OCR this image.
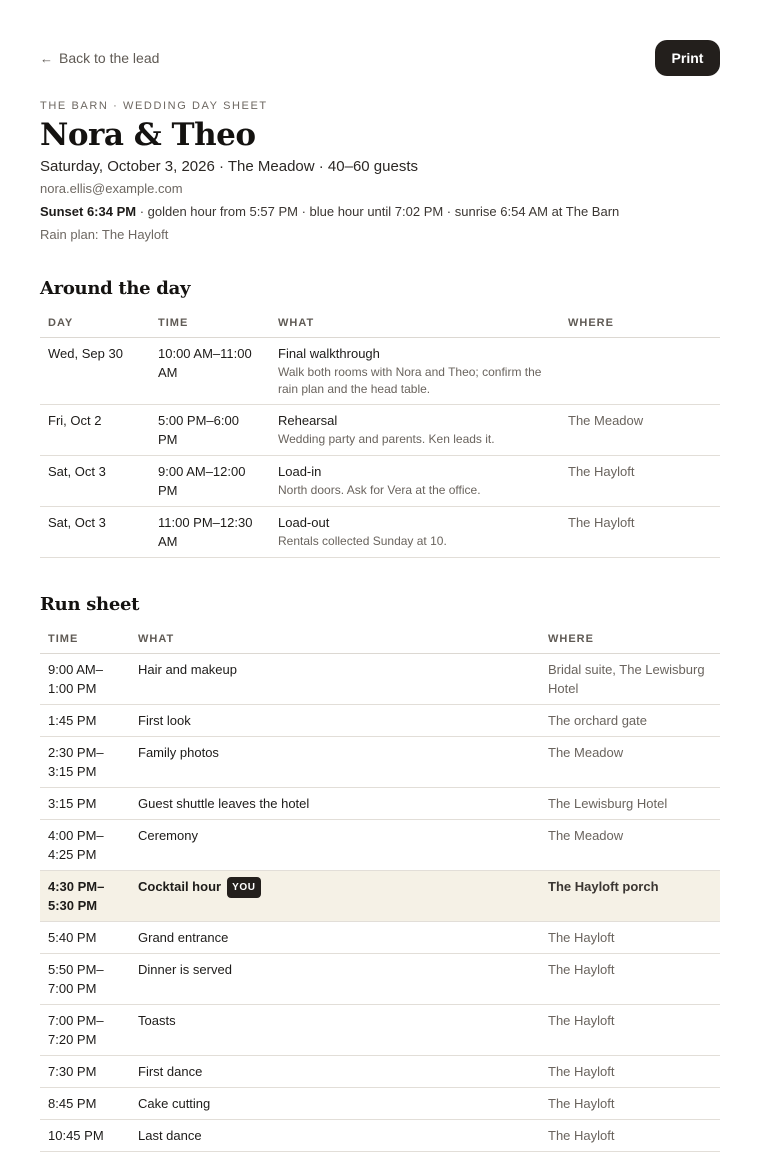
← Back to the lead	Print
THE BARN · WEDDING DAY SHEET
Nora & Theo
Saturday, October 3, 2026 · The Meadow · 40–60 guests
nora.ellis@example.com
Sunset 6:34 PM · golden hour from 5:57 PM · blue hour until 7:02 PM · sunrise 6:54 AM at The Barn
Rain plan: The Hayloft
Around the day
DAY	TIME	WHAT	WHERE
Wed, Sep 30	10:00 AM–11:00 AM	Final walkthrough
Walk both rooms with Nora and Theo; confirm the rain plan and the head table.	

Fri, Oct 2	5:00 PM–6:00 PM	Rehearsal
Wedding party and parents. Ken leads it.	The Meadow
Sat, Oct 3	9:00 AM–12:00 PM	Load-in
North doors. Ask for Vera at the office.	The Hayloft
Sat, Oct 3	11:00 PM–12:30 AM	Load-out
Rentals collected Sunday at 10.	The Hayloft
Run sheet
TIME	WHAT	WHERE
9:00 AM–1:00 PM	Hair and makeup	Bridal suite, The Lewisburg Hotel
1:45 PM	First look	The orchard gate
2:30 PM–3:15 PM	Family photos	The Meadow
3:15 PM	Guest shuttle leaves the hotel	The Lewisburg Hotel
4:00 PM–4:25 PM	Ceremony	The Meadow
4:30 PM–5:30 PM	Cocktail hour YOU	The Hayloft porch
5:40 PM	Grand entrance	The Hayloft
5:50 PM–7:00 PM	Dinner is served	The Hayloft
7:00 PM–7:20 PM	Toasts	The Hayloft
7:30 PM	First dance	The Hayloft
8:45 PM	Cake cutting	The Hayloft
10:45 PM	Last dance	The Hayloft
